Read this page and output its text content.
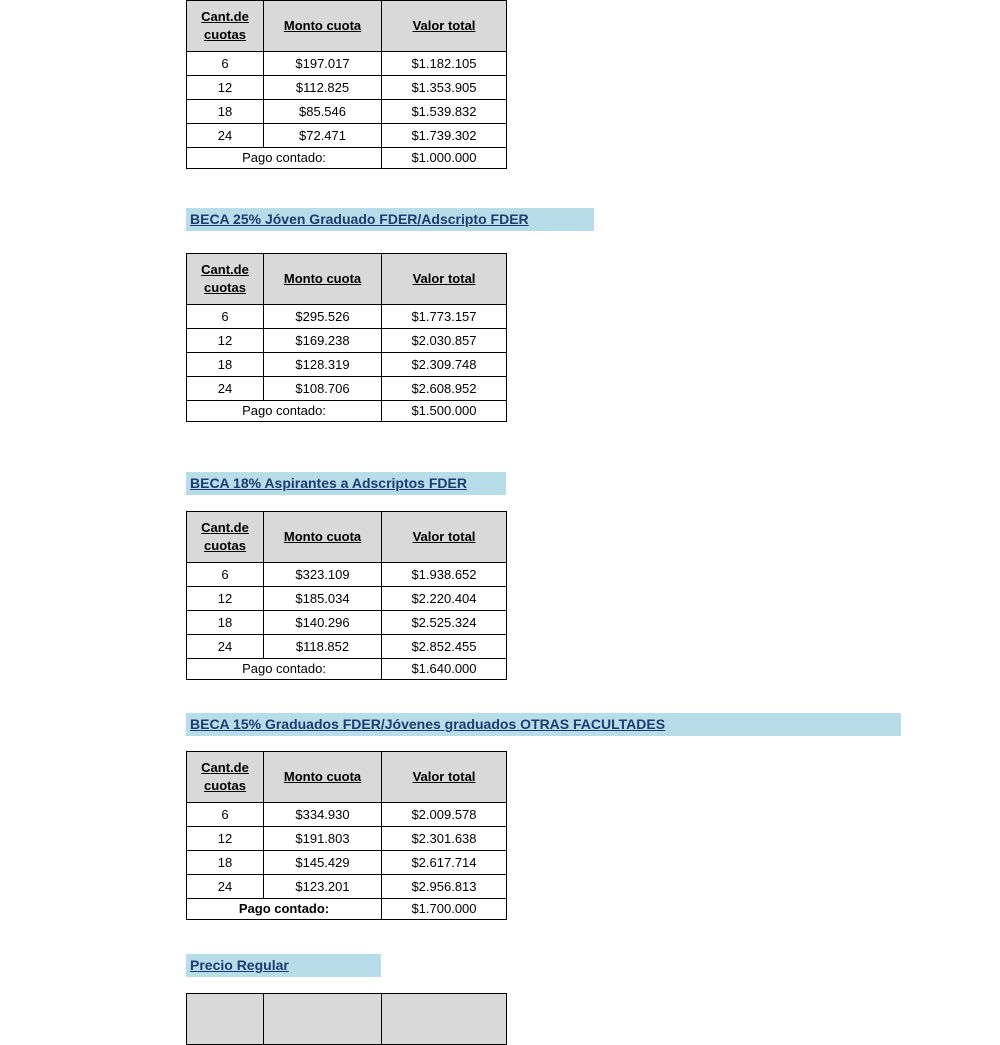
Cant.de cuotas	Monto cuota	Valor total
6	$197.017	$1.182.105
12	$112.825	$1.353.905
18	$85.546	$1.539.832
24	$72.471	$1.739.302
Pago contado:		$1.000.000
BECA 25% Jóven Graduado FDER/Adscripto FDER
Cant.de cuotas	Monto cuota	Valor total
6	$295.526	$1.773.157
12	$169.238	$2.030.857
18	$128.319	$2.309.748
24	$108.706	$2.608.952
Pago contado:		$1.500.000
BECA 18% Aspirantes a Adscriptos FDER
Cant.de cuotas	Monto cuota	Valor total
6	$323.109	$1.938.652
12	$185.034	$2.220.404
18	$140.296	$2.525.324
24	$118.852	$2.852.455
Pago contado:		$1.640.000
BECA 15% Graduados FDER/Jóvenes graduados OTRAS FACULTADES
Cant.de cuotas	Monto cuota	Valor total
6	$334.930	$2.009.578
12	$191.803	$2.301.638
18	$145.429	$2.617.714
24	$123.201	$2.956.813
Pago contado:		$1.700.000
Precio Regular
